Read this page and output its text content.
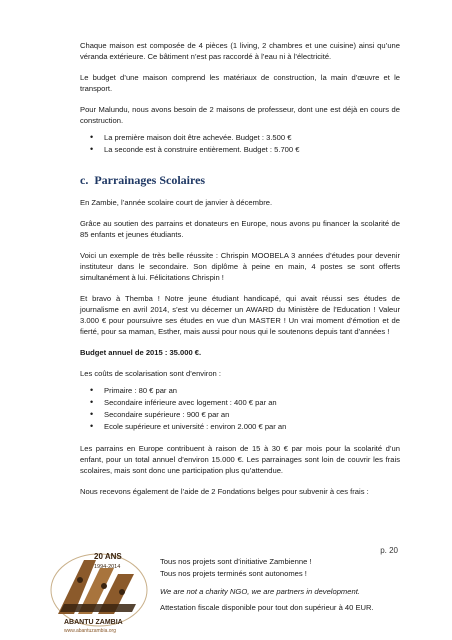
Chaque maison est composée de 4 pièces (1 living, 2 chambres et une cuisine) ainsi qu’une véranda extérieure. Ce bâtiment n’est pas raccordé à l’eau ni à l’électricité.

Le budget d’une maison comprend les matériaux de construction, la main d’œuvre et le transport.

Pour Malundu, nous avons besoin de 2 maisons de professeur, dont une est déjà en cours de construction.

• La première maison doit être achevée. Budget : 3.500 €
• La seconde est à construire entièrement. Budget : 5.700 €
c. Parrainages Scolaires

En Zambie, l’année scolaire court de janvier à décembre.

Grâce au soutien des parrains et donateurs en Europe, nous avons pu financer la scolarité de 85 enfants et jeunes étudiants.

Voici un exemple de très belle réussite : Chrispin MOOBELA 3 années d’études pour devenir instituteur dans le secondaire. Son diplôme à peine en main, 4 postes se sont offerts simultanément à lui. Félicitations Chrispin !

Et bravo à Themba ! Notre jeune étudiant handicapé, qui avait réussi ses études de journalisme en avril 2014, s’est vu décerner un AWARD du Ministère de l’Education ! Valeur 3.000 € pour poursuivre ses études en vue d’un MASTER ! Un vrai moment d’émotion et de fierté, pour sa maman, Esther, mais aussi pour nous qui le soutenons depuis tant d’années !

Budget annuel de 2015 : 35.000 €.

Les coûts de scolarisation sont d’environ :

• Primaire : 80 € par an
• Secondaire inférieure avec logement : 400 € par an
• Secondaire supérieure : 900 € par an
• Ecole supérieure et université : environ 2.000 € par an

Les parrains en Europe contribuent à raison de 15 à 30 € par mois pour la scolarité d’un enfant, pour un total annuel d’environ 15.000 €. Les parrainages sont loin de couvrir les frais scolaires, mais sont donc une participation plus qu’attendue.

Nous recevons également de l’aide de 2 Fondations belges pour subvenir à ces frais :

20 ANS
1994-2014
ABANTU ZAMBIA
www.abantuzambia.org
p. 20
Tous nos projets sont d’initiative Zambienne !
Tous nos projets terminés sont autonomes !
We are not a charity NGO, we are partners in development.
Attestation fiscale disponible pour tout don supérieur à 40 EUR.
